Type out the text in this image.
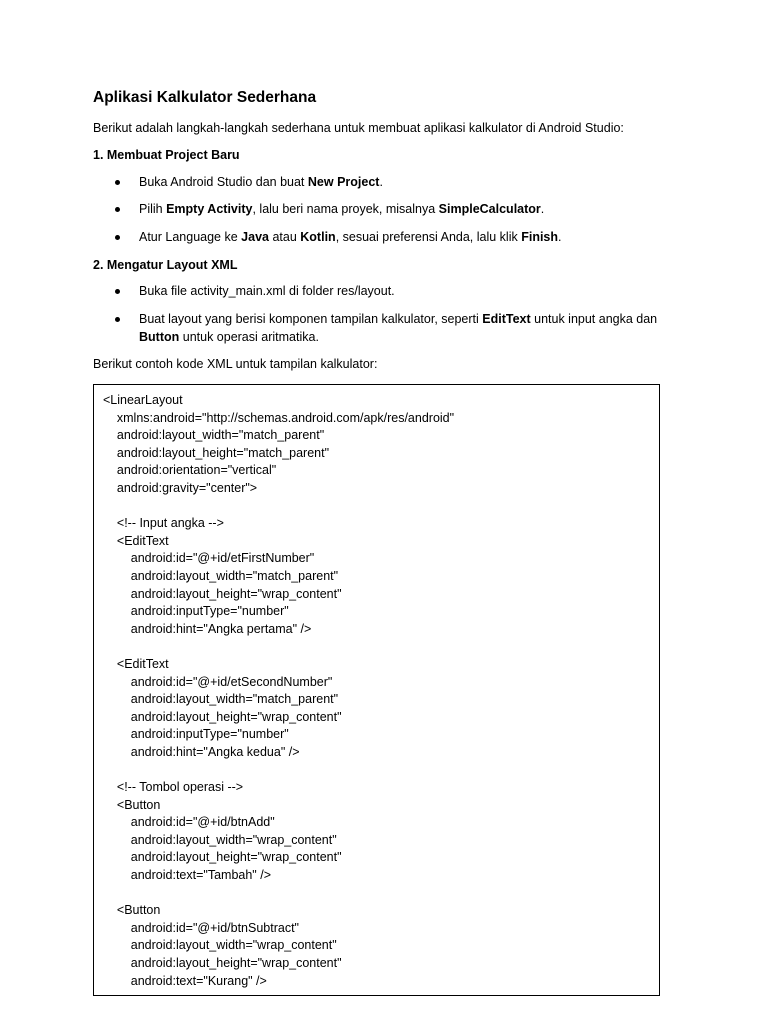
Aplikasi Kalkulator Sederhana
Berikut adalah langkah-langkah sederhana untuk membuat aplikasi kalkulator di Android Studio:
1. Membuat Project Baru
Buka Android Studio dan buat New Project.
Pilih Empty Activity, lalu beri nama proyek, misalnya SimpleCalculator.
Atur Language ke Java atau Kotlin, sesuai preferensi Anda, lalu klik Finish.
2. Mengatur Layout XML
Buka file activity_main.xml di folder res/layout.
Buat layout yang berisi komponen tampilan kalkulator, seperti EditText untuk input angka dan Button untuk operasi aritmatika.
Berikut contoh kode XML untuk tampilan kalkulator:
<LinearLayout
xmlns:android="http://schemas.android.com/apk/res/android"
android:layout_width="match_parent"
android:layout_height="match_parent"
android:orientation="vertical"
android:gravity="center">

<!-- Input angka -->
<EditText
android:id="@+id/etFirstNumber"
android:layout_width="match_parent"
android:layout_height="wrap_content"
android:inputType="number"
android:hint="Angka pertama" />

<EditText
android:id="@+id/etSecondNumber"
android:layout_width="match_parent"
android:layout_height="wrap_content"
android:inputType="number"
android:hint="Angka kedua" />

<!-- Tombol operasi -->
<Button
android:id="@+id/btnAdd"
android:layout_width="wrap_content"
android:layout_height="wrap_content"
android:text="Tambah" />

<Button
android:id="@+id/btnSubtract"
android:layout_width="wrap_content"
android:layout_height="wrap_content"
android:text="Kurang" />
